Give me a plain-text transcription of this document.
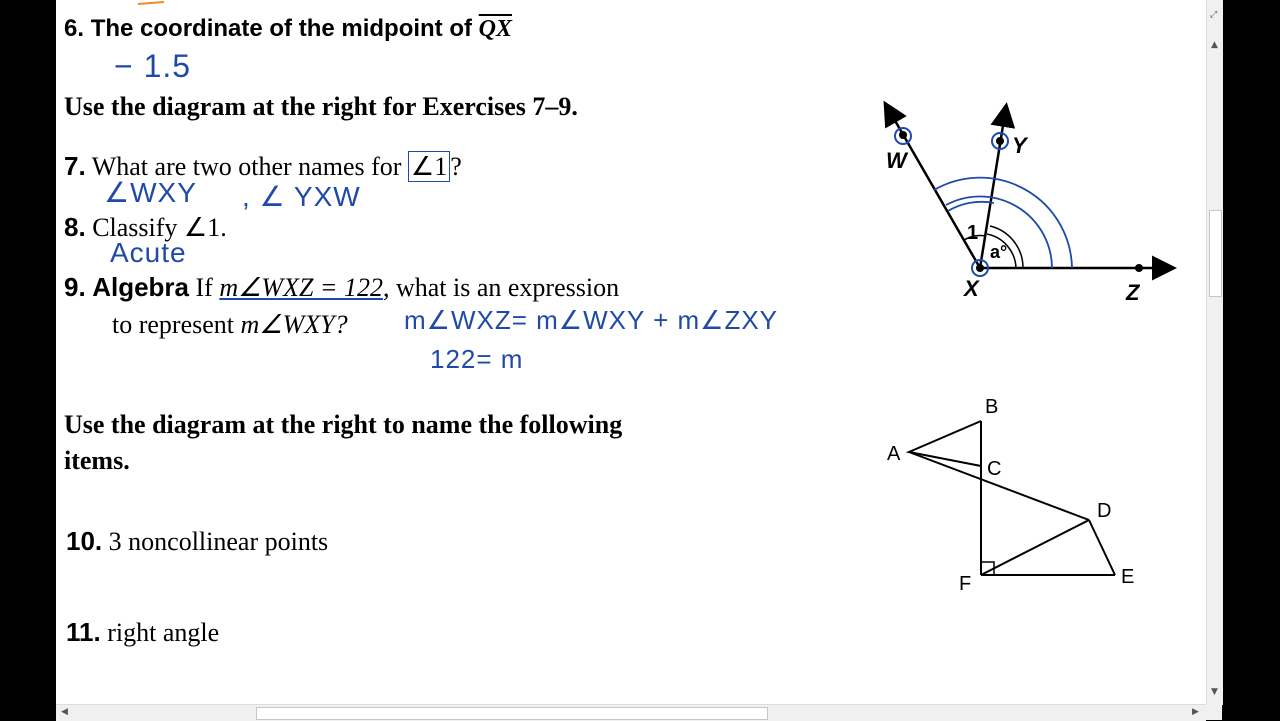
6. The coordinate of the midpoint of $\overline{QX}$
− 1.5
Use the diagram at the right for Exercises 7–9.
7. What are two other names for ∠1 ?
∠WXY , ∠ YXW
8. Classify ∠1.
Acute
9. Algebra If m∠WXZ = 122, what is an expression
to represent m∠WXY? m∠WXZ= m∠WXY + m∠ZXY
122= m
Use the diagram at the right to name the following
items.
10. 3 noncollinear points
11. right angle
W
Y
X	Z
1
a°
A
B
C
D
E
F
⤢
▲
▼
◀	▶
